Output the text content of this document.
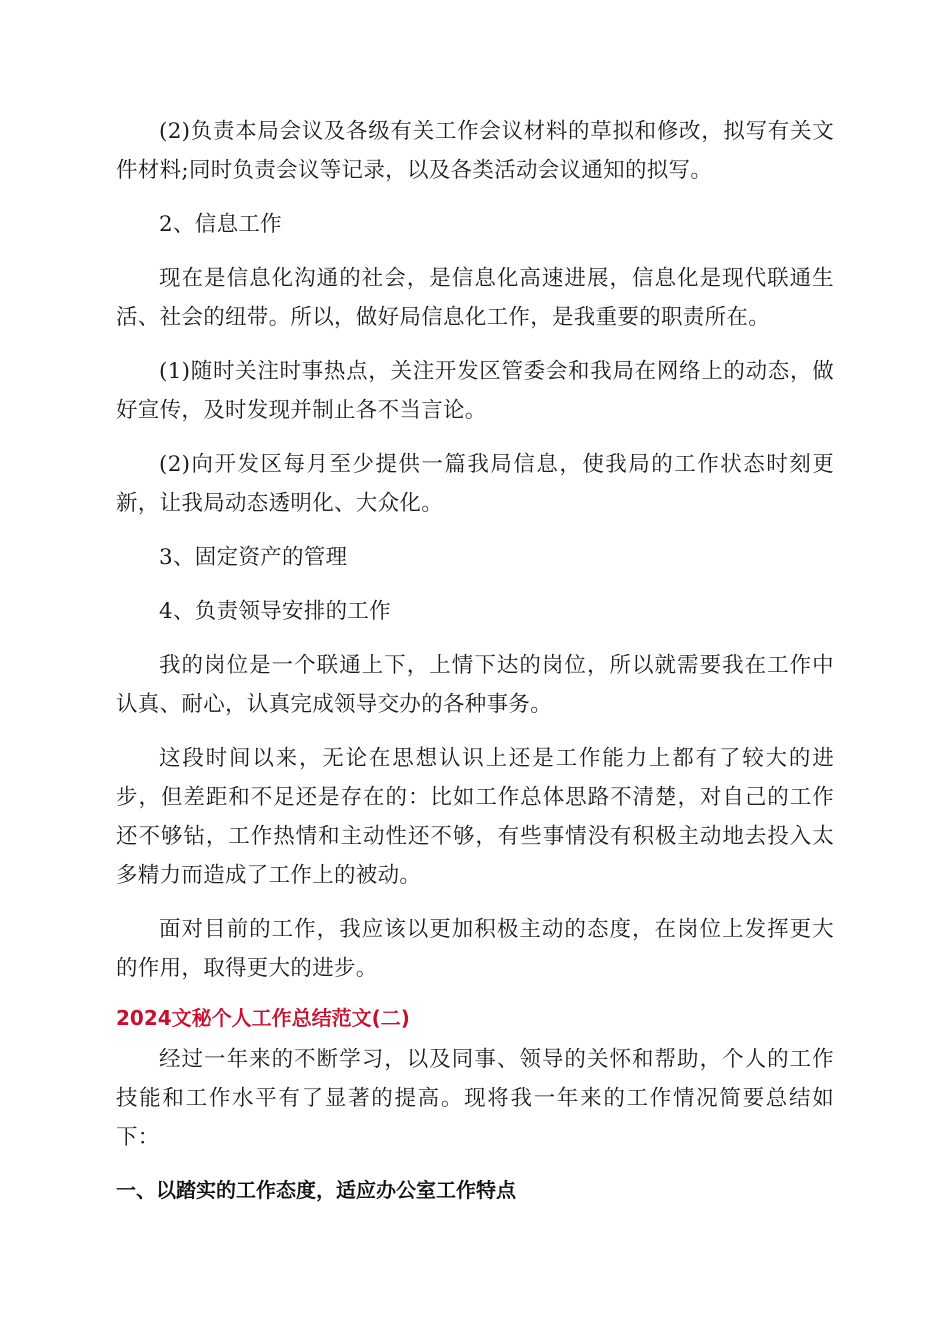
(2)负责本局会议及各级有关工作会议材料的草拟和修改，拟写有关文件材料;同时负责会议等记录，以及各类活动会议通知的拟写。

2、信息工作

现在是信息化沟通的社会，是信息化高速进展，信息化是现代联通生活、社会的纽带。所以，做好局信息化工作，是我重要的职责所在。

(1)随时关注时事热点，关注开发区管委会和我局在网络上的动态，做好宣传，及时发现并制止各不当言论。

(2)向开发区每月至少提供一篇我局信息，使我局的工作状态时刻更新，让我局动态透明化、大众化。

3、固定资产的管理

4、负责领导安排的工作

我的岗位是一个联通上下，上情下达的岗位，所以就需要我在工作中认真、耐心，认真完成领导交办的各种事务。

这段时间以来，无论在思想认识上还是工作能力上都有了较大的进步，但差距和不足还是存在的：比如工作总体思路不清楚，对自己的工作还不够钻，工作热情和主动性还不够，有些事情没有积极主动地去投入太多精力而造成了工作上的被动。

面对目前的工作，我应该以更加积极主动的态度，在岗位上发挥更大的作用，取得更大的进步。

2024文秘个人工作总结范文(二)

经过一年来的不断学习，以及同事、领导的关怀和帮助，个人的工作技能和工作水平有了显著的提高。现将我一年来的工作情况简要总结如下：

一、以踏实的工作态度，适应办公室工作特点
